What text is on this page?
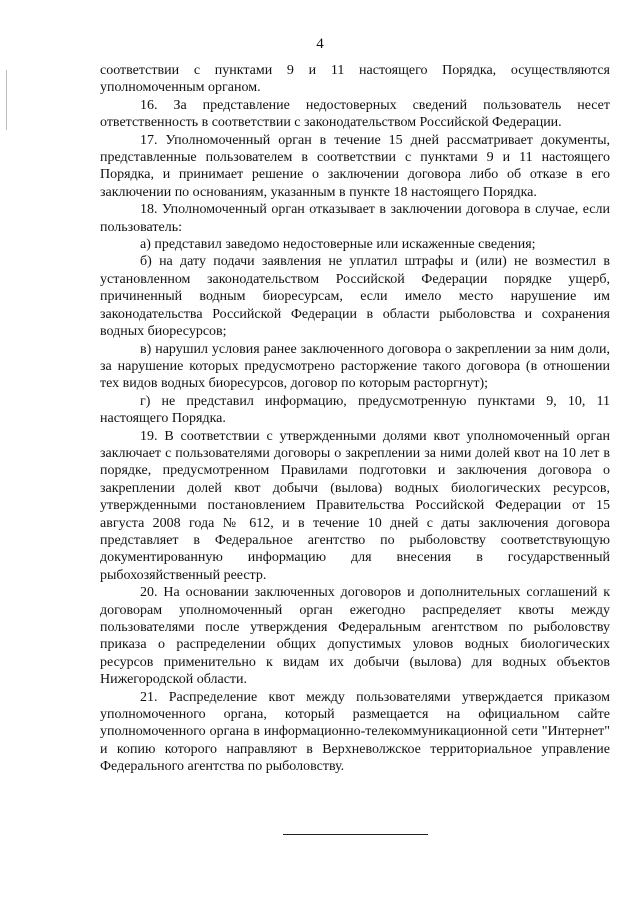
4

соответствии с пунктами 9 и 11 настоящего Порядка, осуществляются уполномоченным органом.

16. За представление недостоверных сведений пользователь несет ответственность в соответствии с законодательством Российской Федерации.

17. Уполномоченный орган в течение 15 дней рассматривает документы, представленные пользователем в соответствии с пунктами 9 и 11 настоящего Порядка, и принимает решение о заключении договора либо об отказе в его заключении по основаниям, указанным в пункте 18 настоящего Порядка.

18. Уполномоченный орган отказывает в заключении договора в случае, если пользователь:

а) представил заведомо недостоверные или искаженные сведения;

б) на дату подачи заявления не уплатил штрафы и (или) не возместил в установленном законодательством Российской Федерации порядке ущерб, причиненный водным биоресурсам, если имело место нарушение им законодательства Российской Федерации в области рыболовства и сохранения водных биоресурсов;

в) нарушил условия ранее заключенного договора о закреплении за ним доли, за нарушение которых предусмотрено расторжение такого договора (в отношении тех видов водных биоресурсов, договор по которым расторгнут);

г) не представил информацию, предусмотренную пунктами 9, 10, 11 настоящего Порядка.

19. В соответствии с утвержденными долями квот уполномоченный орган заключает с пользователями договоры о закреплении за ними долей квот на 10 лет в порядке, предусмотренном Правилами подготовки и заключения договора о закреплении долей квот добычи (вылова) водных биологических ресурсов, утвержденными постановлением Правительства Российской Федерации от 15 августа 2008 года № 612, и в течение 10 дней с даты заключения договора представляет в Федеральное агентство по рыболовству соответствующую документированную информацию для внесения в государственный рыбохозяйственный реестр.

20. На основании заключенных договоров и дополнительных соглашений к договорам уполномоченный орган ежегодно распределяет квоты между пользователями после утверждения Федеральным агентством по рыболовству приказа о распределении общих допустимых уловов водных биологических ресурсов применительно к видам их добычи (вылова) для водных объектов Нижегородской области.

21. Распределение квот между пользователями утверждается приказом уполномоченного органа, который размещается на официальном сайте уполномоченного органа в информационно-телекоммуникационной сети "Интернет" и копию которого направляют в Верхневолжское территориальное управление Федерального агентства по рыболовству.
